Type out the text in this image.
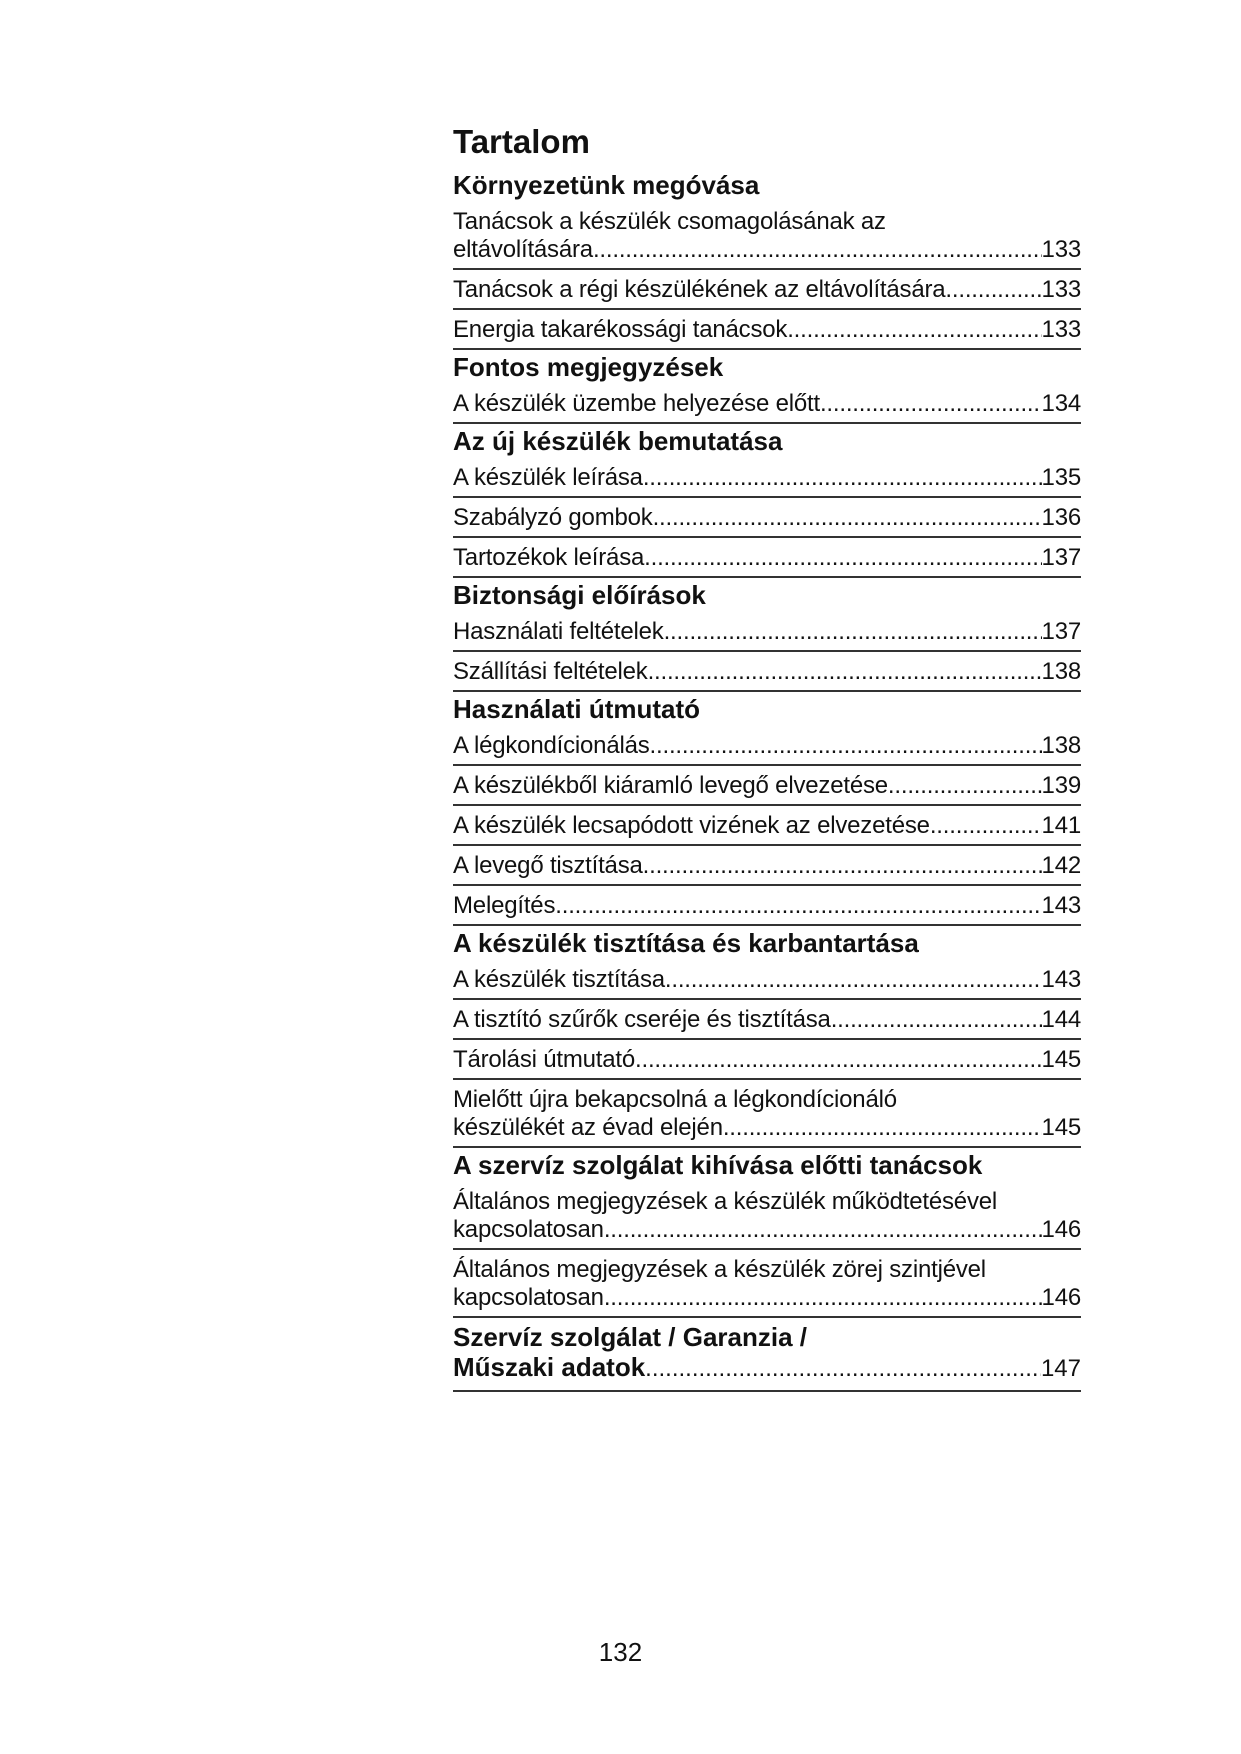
Tartalom
Környezetünk megóvása
Tanácsok a készülék csomagolásának az
eltávolítására .....	133
Tanácsok a régi készülékének az eltávolítására .....	133
Energia takarékossági tanácsok .....	133
Fontos megjegyzések
A készülék üzembe helyezése előtt .....	134
Az új készülék bemutatása
A készülék leírása .....	135
Szabályzó gombok .....	136
Tartozékok leírása .....	137
Biztonsági előírások
Használati feltételek .....	137
Szállítási feltételek .....	138
Használati útmutató
A légkondícionálás .....	138
A készülékből kiáramló levegő elvezetése .....	139
A készülék lecsapódott vizének az elvezetése .....	141
A levegő tisztítása .....	142
Melegítés .....	143
A készülék tisztítása és karbantartása
A készülék tisztítása .....	143
A tisztító szűrők cseréje és tisztítása .....	144
Tárolási útmutató .....	145
Mielőtt újra bekapcsolná a légkondícionáló
készülékét az évad elején .....	145
A szervíz szolgálat kihívása előtti tanácsok
Általános megjegyzések a készülék működtetésével
kapcsolatosan .....	146
Általános megjegyzések a készülék zörej szintjével
kapcsolatosan .....	146
Szervíz szolgálat / Garanzia /
Műszaki adatok .....	147
132
